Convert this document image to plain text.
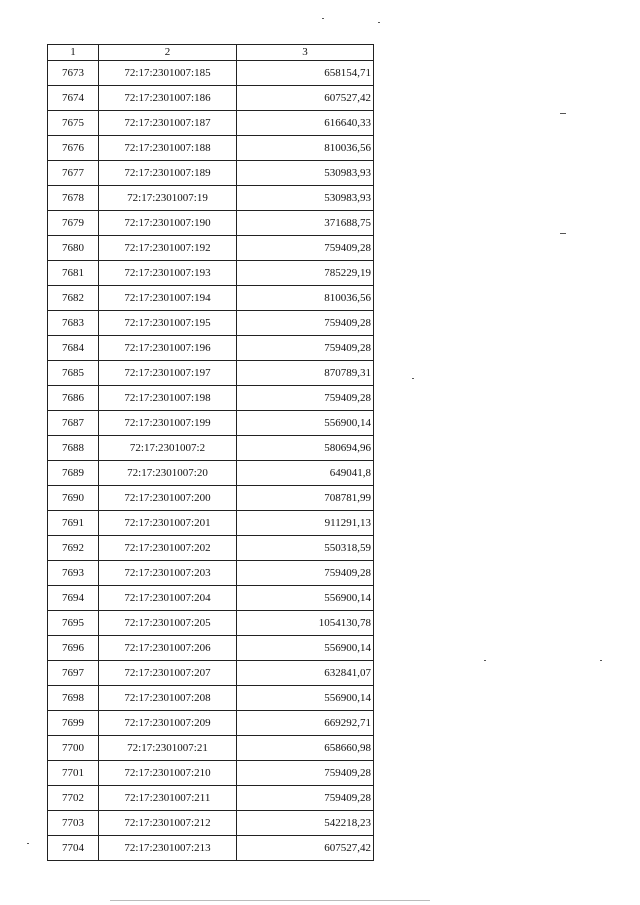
1	2	3
7673	72:17:2301007:185	658154,71
7674	72:17:2301007:186	607527,42
7675	72:17:2301007:187	616640,33
7676	72:17:2301007:188	810036,56
7677	72:17:2301007:189	530983,93
7678	72:17:2301007:19	530983,93
7679	72:17:2301007:190	371688,75
7680	72:17:2301007:192	759409,28
7681	72:17:2301007:193	785229,19
7682	72:17:2301007:194	810036,56
7683	72:17:2301007:195	759409,28
7684	72:17:2301007:196	759409,28
7685	72:17:2301007:197	870789,31
7686	72:17:2301007:198	759409,28
7687	72:17:2301007:199	556900,14
7688	72:17:2301007:2	580694,96
7689	72:17:2301007:20	649041,8
7690	72:17:2301007:200	708781,99
7691	72:17:2301007:201	911291,13
7692	72:17:2301007:202	550318,59
7693	72:17:2301007:203	759409,28
7694	72:17:2301007:204	556900,14
7695	72:17:2301007:205	1054130,78
7696	72:17:2301007:206	556900,14
7697	72:17:2301007:207	632841,07
7698	72:17:2301007:208	556900,14
7699	72:17:2301007:209	669292,71
7700	72:17:2301007:21	658660,98
7701	72:17:2301007:210	759409,28
7702	72:17:2301007:211	759409,28
7703	72:17:2301007:212	542218,23
7704	72:17:2301007:213	607527,42
